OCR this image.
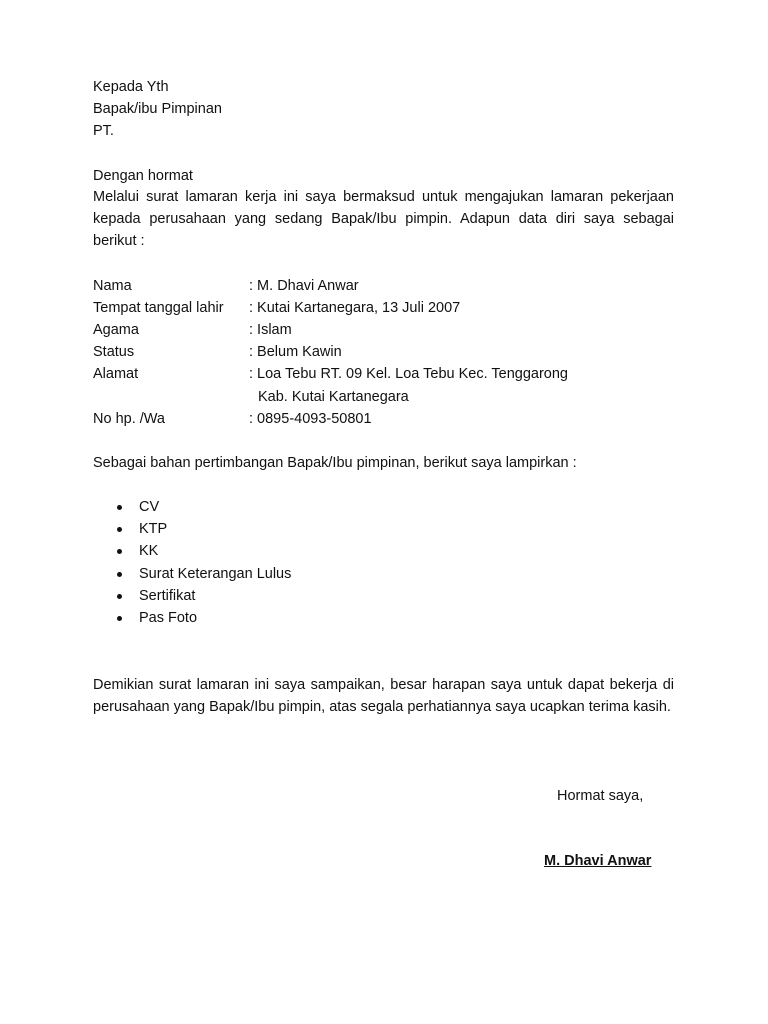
Kepada Yth
Bapak/ibu Pimpinan
PT.
Dengan hormat
Melalui surat lamaran kerja ini saya bermaksud untuk mengajukan lamaran pekerjaan kepada perusahaan yang sedang Bapak/Ibu pimpin. Adapun data diri saya sebagai berikut :
Nama	: M. Dhavi Anwar
Tempat tanggal lahir : Kutai Kartanegara, 13 Juli 2007
Agama	: Islam
Status	: Belum Kawin
Alamat	: Loa Tebu RT. 09 Kel. Loa Tebu Kec. Tenggarong
Kab. Kutai Kartanegara
No hp. /Wa	: 0895-4093-50801
Sebagai bahan pertimbangan Bapak/Ibu pimpinan, berikut saya lampirkan :
CV
KTP
KK
Surat Keterangan Lulus
Sertifikat
Pas Foto
Demikian surat lamaran ini saya sampaikan, besar harapan saya untuk dapat bekerja di perusahaan yang Bapak/Ibu pimpin, atas segala perhatiannya saya ucapkan terima kasih.
Hormat saya,
M. Dhavi Anwar
